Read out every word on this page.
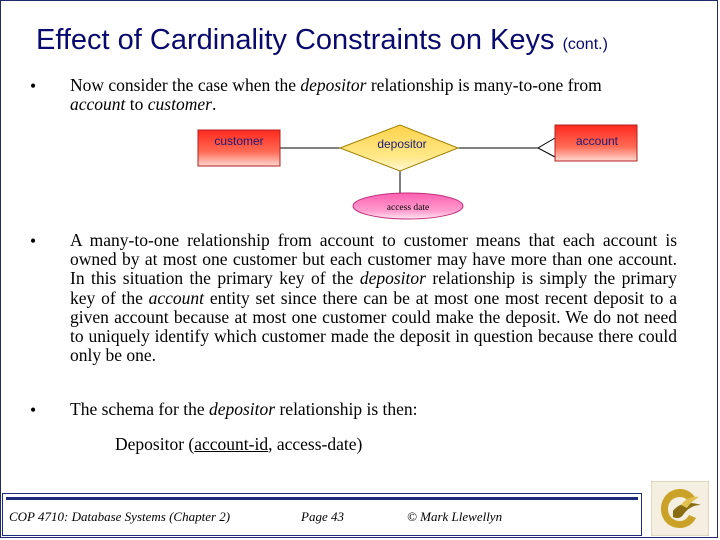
Effect of Cardinality Constraints on Keys (cont.)
• Now consider the case when the depositor relationship is many-to-one from
account to customer.
customer	depositor	account
access date
• A many-to-one relationship from account to customer means that each account is owned by at most one customer but each customer may have more than one account. In this situation the primary key of the depositor relationship is simply the primary key of the account entity set since there can be at most one most recent deposit to a given account because at most one customer could make the deposit. We do not need to uniquely identify which customer made the deposit in question because there could only be one.
• The schema for the depositor relationship is then:
Depositor (account-id, access-date)
COP 4710: Database Systems (Chapter 2)	Page 43	© Mark Llewellyn
